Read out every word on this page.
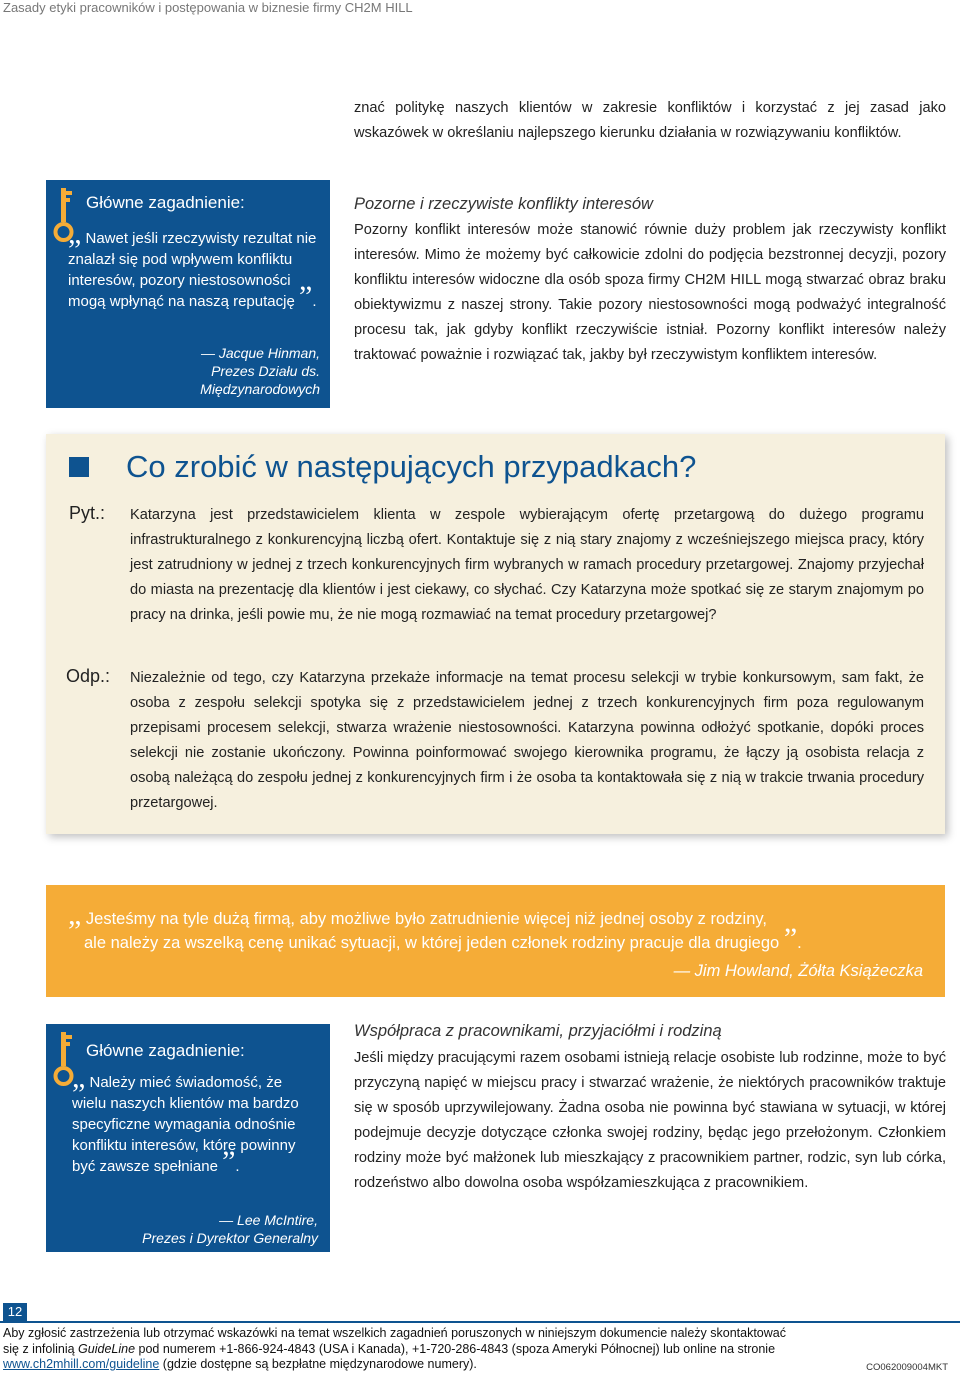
Zasady etyki pracowników i postępowania w biznesie firmy CH2M HILL
znać politykę naszych klientów w zakresie konfliktów i korzystać z jej zasad jako wskazówek w określaniu najlepszego kierunku działania w rozwiązywaniu konfliktów.
Główne zagadnienie:
„ Nawet jeśli rzeczywisty rezultat nie znalazł się pod wpływem konfliktu interesów, pozory niestosowności mogą wpłynąć na naszą reputację ”.
— Jacque Hinman,
Prezes Działu ds.
Międzynarodowych
Pozorne i rzeczywiste konflikty interesów
Pozorny konflikt interesów może stanowić równie duży problem jak rzeczywisty konflikt interesów. Mimo że możemy być całkowicie zdolni do podjęcia bezstronnej decyzji, pozory konfliktu interesów widoczne dla osób spoza firmy CH2M HILL mogą stwarzać obraz braku obiektywizmu z naszej strony. Takie pozory niestosowności mogą podważyć integralność procesu tak, jak gdyby konflikt rzeczywiście istniał. Pozorny konflikt interesów należy traktować poważnie i rozwiązać tak, jakby był rzeczywistym konfliktem interesów.
Co zrobić w następujących przypadkach?
Pyt.: Katarzyna jest przedstawicielem klienta w zespole wybierającym ofertę przetargową do dużego programu infrastrukturalnego z konkurencyjną liczbą ofert. Kontaktuje się z nią stary znajomy z wcześniejszego miejsca pracy, który jest zatrudniony w jednej z trzech konkurencyjnych firm wybranych w ramach procedury przetargowej. Znajomy przyjechał do miasta na prezentację dla klientów i jest ciekawy, co słychać. Czy Katarzyna może spotkać się ze starym znajomym po pracy na drinka, jeśli powie mu, że nie mogą rozmawiać na temat procedury przetargowej?
Odp.: Niezależnie od tego, czy Katarzyna przekaże informacje na temat procesu selekcji w trybie konkursowym, sam fakt, że osoba z zespołu selekcji spotyka się z przedstawicielem jednej z trzech konkurencyjnych firm poza regulowanym przepisami procesem selekcji, stwarza wrażenie niestosowności. Katarzyna powinna odłożyć spotkanie, dopóki proces selekcji nie zostanie ukończony. Powinna poinformować swojego kierownika programu, że łączy ją osobista relacja z osobą należącą do zespołu jednej z konkurencyjnych firm i że osoba ta kontaktowała się z nią w trakcie trwania procedury przetargowej.
„ Jesteśmy na tyle dużą firmą, aby możliwe było zatrudnienie więcej niż jednej osoby z rodziny,
ale należy za wszelką cenę unikać sytuacji, w której jeden członek rodziny pracuje dla drugiego ”.
— Jim Howland, Żółta Książeczka
Główne zagadnienie:
„ Należy mieć świadomość, że wielu naszych klientów ma bardzo specyficzne wymagania odnośnie konfliktu interesów, które powinny być zawsze spełniane ”.
— Lee McIntire,
Prezes i Dyrektor Generalny
Współpraca z pracownikami, przyjaciółmi i rodziną
Jeśli między pracującymi razem osobami istnieją relacje osobiste lub rodzinne, może to być przyczyną napięć w miejscu pracy i stwarzać wrażenie, że niektórych pracowników traktuje się w sposób uprzywilejowany. Żadna osoba nie powinna być stawiana w sytuacji, w której podejmuje decyzje dotyczące członka swojej rodziny, będąc jego przełożonym. Członkiem rodziny może być małżonek lub mieszkający z pracownikiem partner, rodzic, syn lub córka, rodzeństwo albo dowolna osoba współzamieszkująca z pracownikiem.
12
Aby zgłosić zastrzeżenia lub otrzymać wskazówki na temat wszelkich zagadnień poruszonych w niniejszym dokumencie należy skontaktować
się z infolinią GuideLine pod numerem +1-866-924-4843 (USA i Kanada), +1-720-286-4843 (spoza Ameryki Północnej) lub online na stronie
www.ch2mhill.com/guideline (gdzie dostępne są bezpłatne międzynarodowe numery).	CO062009004MKT
